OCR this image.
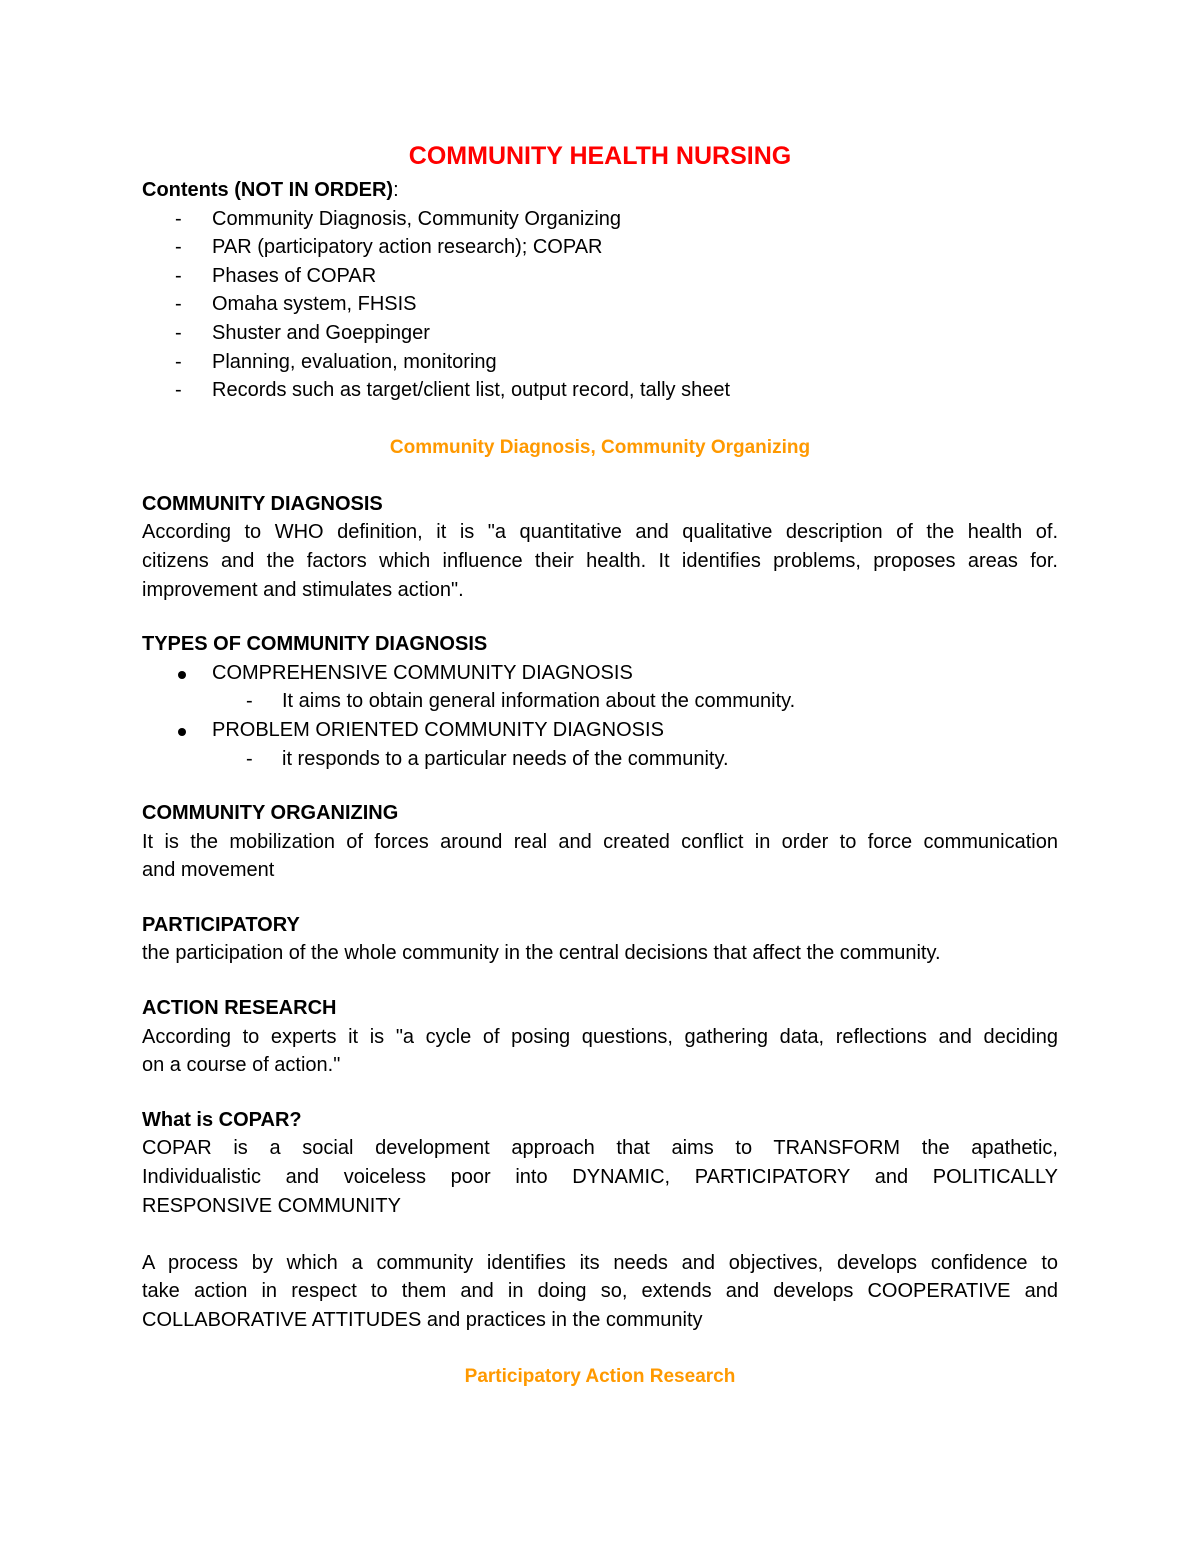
COMMUNITY HEALTH NURSING

Contents (NOT IN ORDER):

- Community Diagnosis, Community Organizing
- PAR (participatory action research); COPAR
- Phases of COPAR
- Omaha system, FHSIS
- Shuster and Goeppinger
- Planning, evaluation, monitoring
- Records such as target/client list, output record, tally sheet

Community Diagnosis, Community Organizing

COMMUNITY DIAGNOSIS

According to WHO definition, it is "a quantitative and qualitative description of the health of.

citizens and the factors which influence their health. It identifies problems, proposes areas for.

improvement and stimulates action".

TYPES OF COMMUNITY DIAGNOSIS

COMPREHENSIVE COMMUNITY DIAGNOSIS
- It aims to obtain general information about the community.
PROBLEM ORIENTED COMMUNITY DIAGNOSIS
- it responds to a particular needs of the community.

COMMUNITY ORGANIZING

It is the mobilization of forces around real and created conflict in order to force communication

and movement

PARTICIPATORY

the participation of the whole community in the central decisions that affect the community.

ACTION RESEARCH

According to experts it is "a cycle of posing questions, gathering data, reflections and deciding

on a course of action."

What is COPAR?

COPAR is a social development approach that aims to TRANSFORM the apathetic,

Individualistic and voiceless poor into DYNAMIC, PARTICIPATORY and POLITICALLY

RESPONSIVE COMMUNITY

A process by which a community identifies its needs and objectives, develops confidence to

take action in respect to them and in doing so, extends and develops COOPERATIVE and

COLLABORATIVE ATTITUDES and practices in the community

Participatory Action Research
